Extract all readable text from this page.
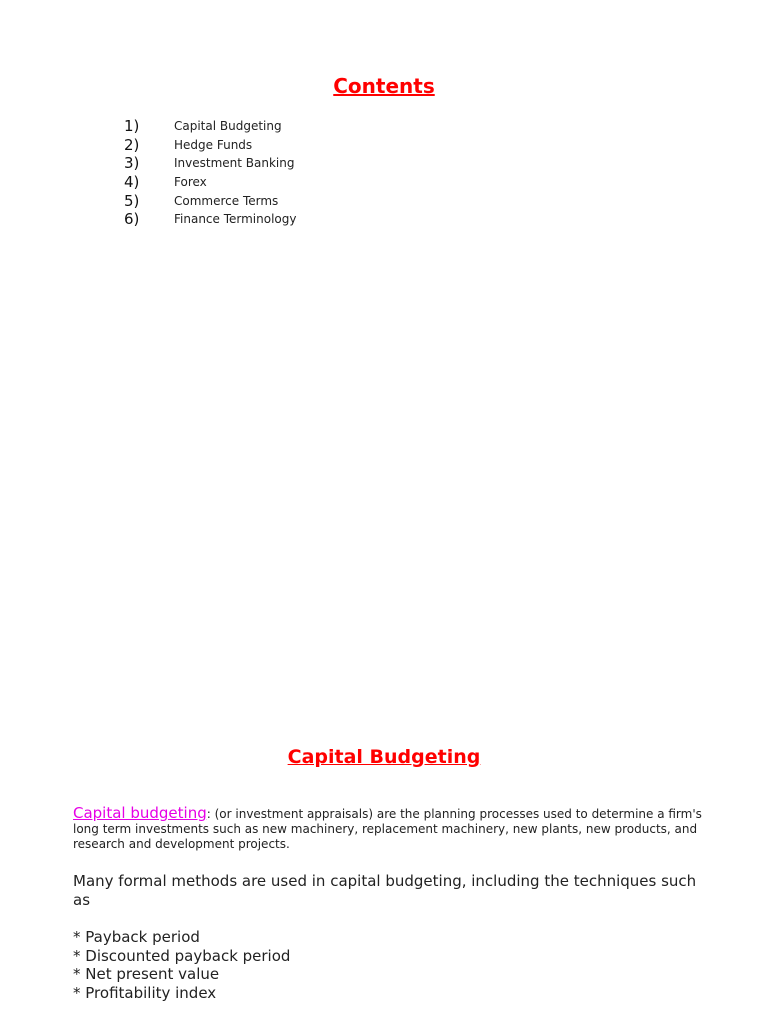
Contents
1)	Capital Budgeting
2)	Hedge Funds
3)	Investment Banking
4)	Forex
5)	Commerce Terms
6)	Finance Terminology
Capital Budgeting
Capital budgeting: (or investment appraisals) are the planning processes used to determine a firm's long term investments such as new machinery, replacement machinery, new plants, new products, and research and development projects.
Many formal methods are used in capital budgeting, including the techniques such as
* Payback period
* Discounted payback period
* Net present value
* Profitability index
